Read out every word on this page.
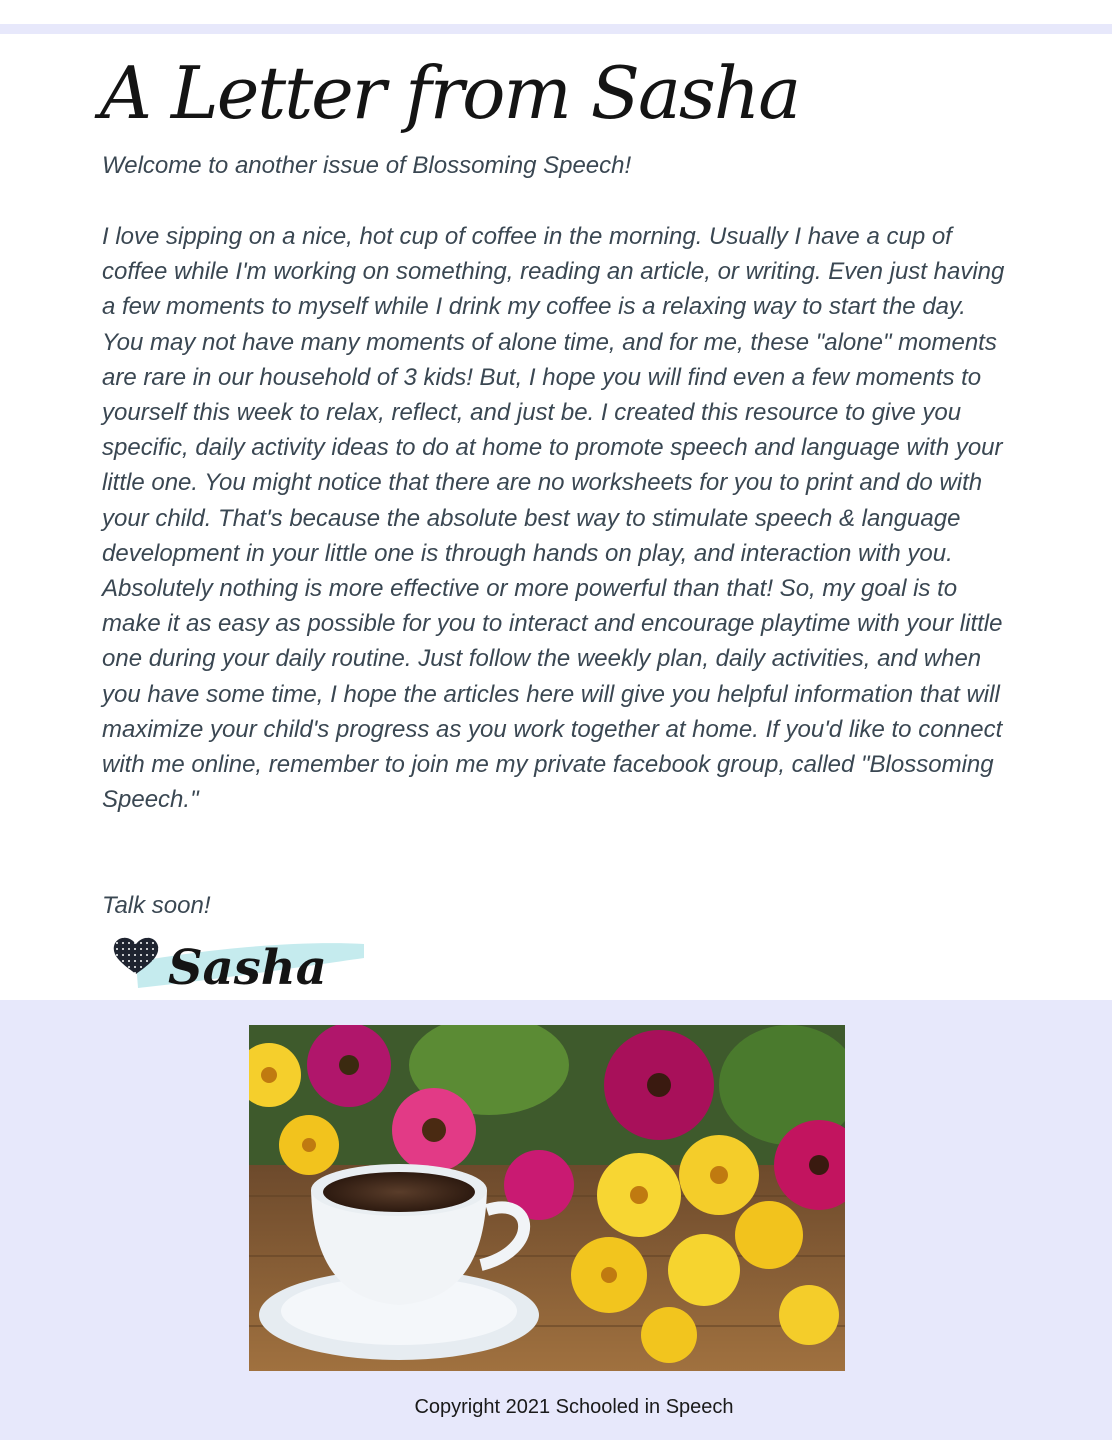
A Letter from Sasha
Welcome to another issue of Blossoming Speech!
I love sipping on a nice, hot cup of coffee in the morning. Usually I have a cup of coffee while I'm working on something, reading an article, or writing. Even just having a few moments to myself while I drink my coffee is a relaxing way to start the day. You may not have many moments of alone time, and for me, these "alone" moments are rare in our household of 3 kids! But, I hope you will find even a few moments to yourself this week to relax, reflect, and just be. I created this resource to give you specific, daily activity ideas to do at home to promote speech and language with your little one. You might notice that there are no worksheets for you to print and do with your child. That's because the absolute best way to stimulate speech & language development in your little one is through hands on play, and interaction with you. Absolutely nothing is more effective or more powerful than that! So, my goal is to make it as easy as possible for you to interact and encourage playtime with your little one during your daily routine. Just follow the weekly plan, daily activities, and when you have some time, I hope the articles here will give you helpful information that will maximize your child's progress as you work together at home. If you'd like to connect with me online, remember to join me my private facebook group, called "Blossoming Speech."
Talk soon!
Sasha
Copyright 2021 Schooled in Speech
